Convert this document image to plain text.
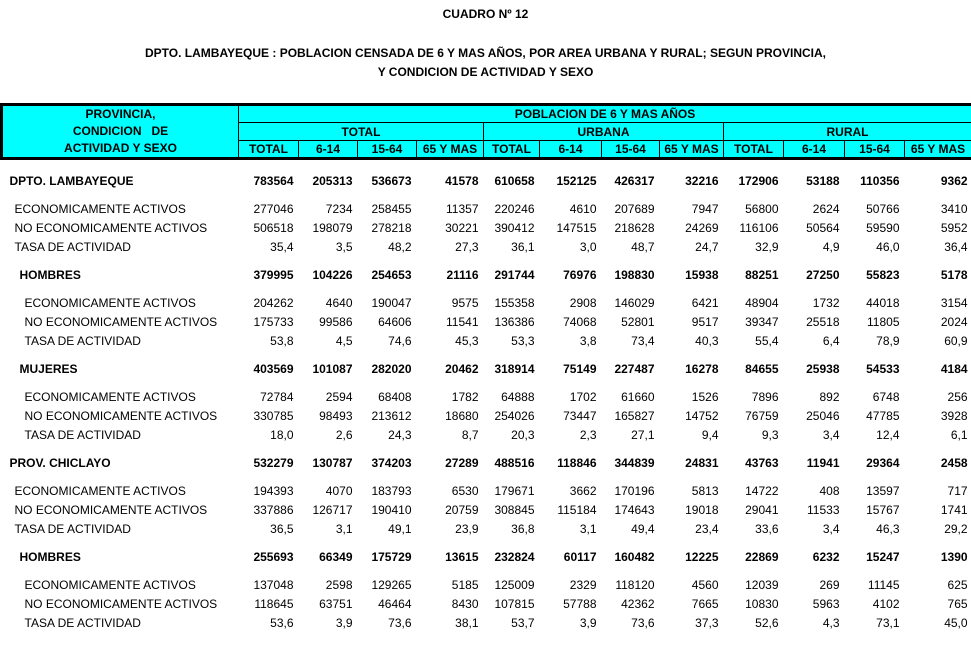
CUADRO Nº 12
DPTO. LAMBAYEQUE : POBLACION CENSADA DE 6 Y MAS AÑOS, POR AREA URBANA Y RURAL; SEGUN PROVINCIA,
Y CONDICION DE ACTIVIDAD Y SEXO
PROVINCIA,
CONDICION   DE
ACTIVIDAD Y SEXO	POBLACION DE 6 Y MAS AÑOS											
	TOTAL				URBANA				RURAL			
	TOTAL	6-14	15-64	65 Y MAS	TOTAL	6-14	15-64	65 Y MAS	TOTAL	6-14	15-64	65 Y MAS
DPTO. LAMBAYEQUE	783564	205313	536673	41578	610658	152125	426317	32216	172906	53188	110356	9362
ECONOMICAMENTE ACTIVOS	277046	7234	258455	11357	220246	4610	207689	7947	56800	2624	50766	3410
NO ECONOMICAMENTE ACTIVOS	506518	198079	278218	30221	390412	147515	218628	24269	116106	50564	59590	5952
TASA DE ACTIVIDAD	35,4	3,5	48,2	27,3	36,1	3,0	48,7	24,7	32,9	4,9	46,0	36,4
HOMBRES	379995	104226	254653	21116	291744	76976	198830	15938	88251	27250	55823	5178
ECONOMICAMENTE ACTIVOS	204262	4640	190047	9575	155358	2908	146029	6421	48904	1732	44018	3154
NO ECONOMICAMENTE ACTIVOS	175733	99586	64606	11541	136386	74068	52801	9517	39347	25518	11805	2024
TASA DE ACTIVIDAD	53,8	4,5	74,6	45,3	53,3	3,8	73,4	40,3	55,4	6,4	78,9	60,9
MUJERES	403569	101087	282020	20462	318914	75149	227487	16278	84655	25938	54533	4184
ECONOMICAMENTE ACTIVOS	72784	2594	68408	1782	64888	1702	61660	1526	7896	892	6748	256
NO ECONOMICAMENTE ACTIVOS	330785	98493	213612	18680	254026	73447	165827	14752	76759	25046	47785	3928
TASA DE ACTIVIDAD	18,0	2,6	24,3	8,7	20,3	2,3	27,1	9,4	9,3	3,4	12,4	6,1
PROV. CHICLAYO	532279	130787	374203	27289	488516	118846	344839	24831	43763	11941	29364	2458
ECONOMICAMENTE ACTIVOS	194393	4070	183793	6530	179671	3662	170196	5813	14722	408	13597	717
NO ECONOMICAMENTE ACTIVOS	337886	126717	190410	20759	308845	115184	174643	19018	29041	11533	15767	1741
TASA DE ACTIVIDAD	36,5	3,1	49,1	23,9	36,8	3,1	49,4	23,4	33,6	3,4	46,3	29,2
HOMBRES	255693	66349	175729	13615	232824	60117	160482	12225	22869	6232	15247	1390
ECONOMICAMENTE ACTIVOS	137048	2598	129265	5185	125009	2329	118120	4560	12039	269	11145	625
NO ECONOMICAMENTE ACTIVOS	118645	63751	46464	8430	107815	57788	42362	7665	10830	5963	4102	765
TASA DE ACTIVIDAD	53,6	3,9	73,6	38,1	53,7	3,9	73,6	37,3	52,6	4,3	73,1	45,0
